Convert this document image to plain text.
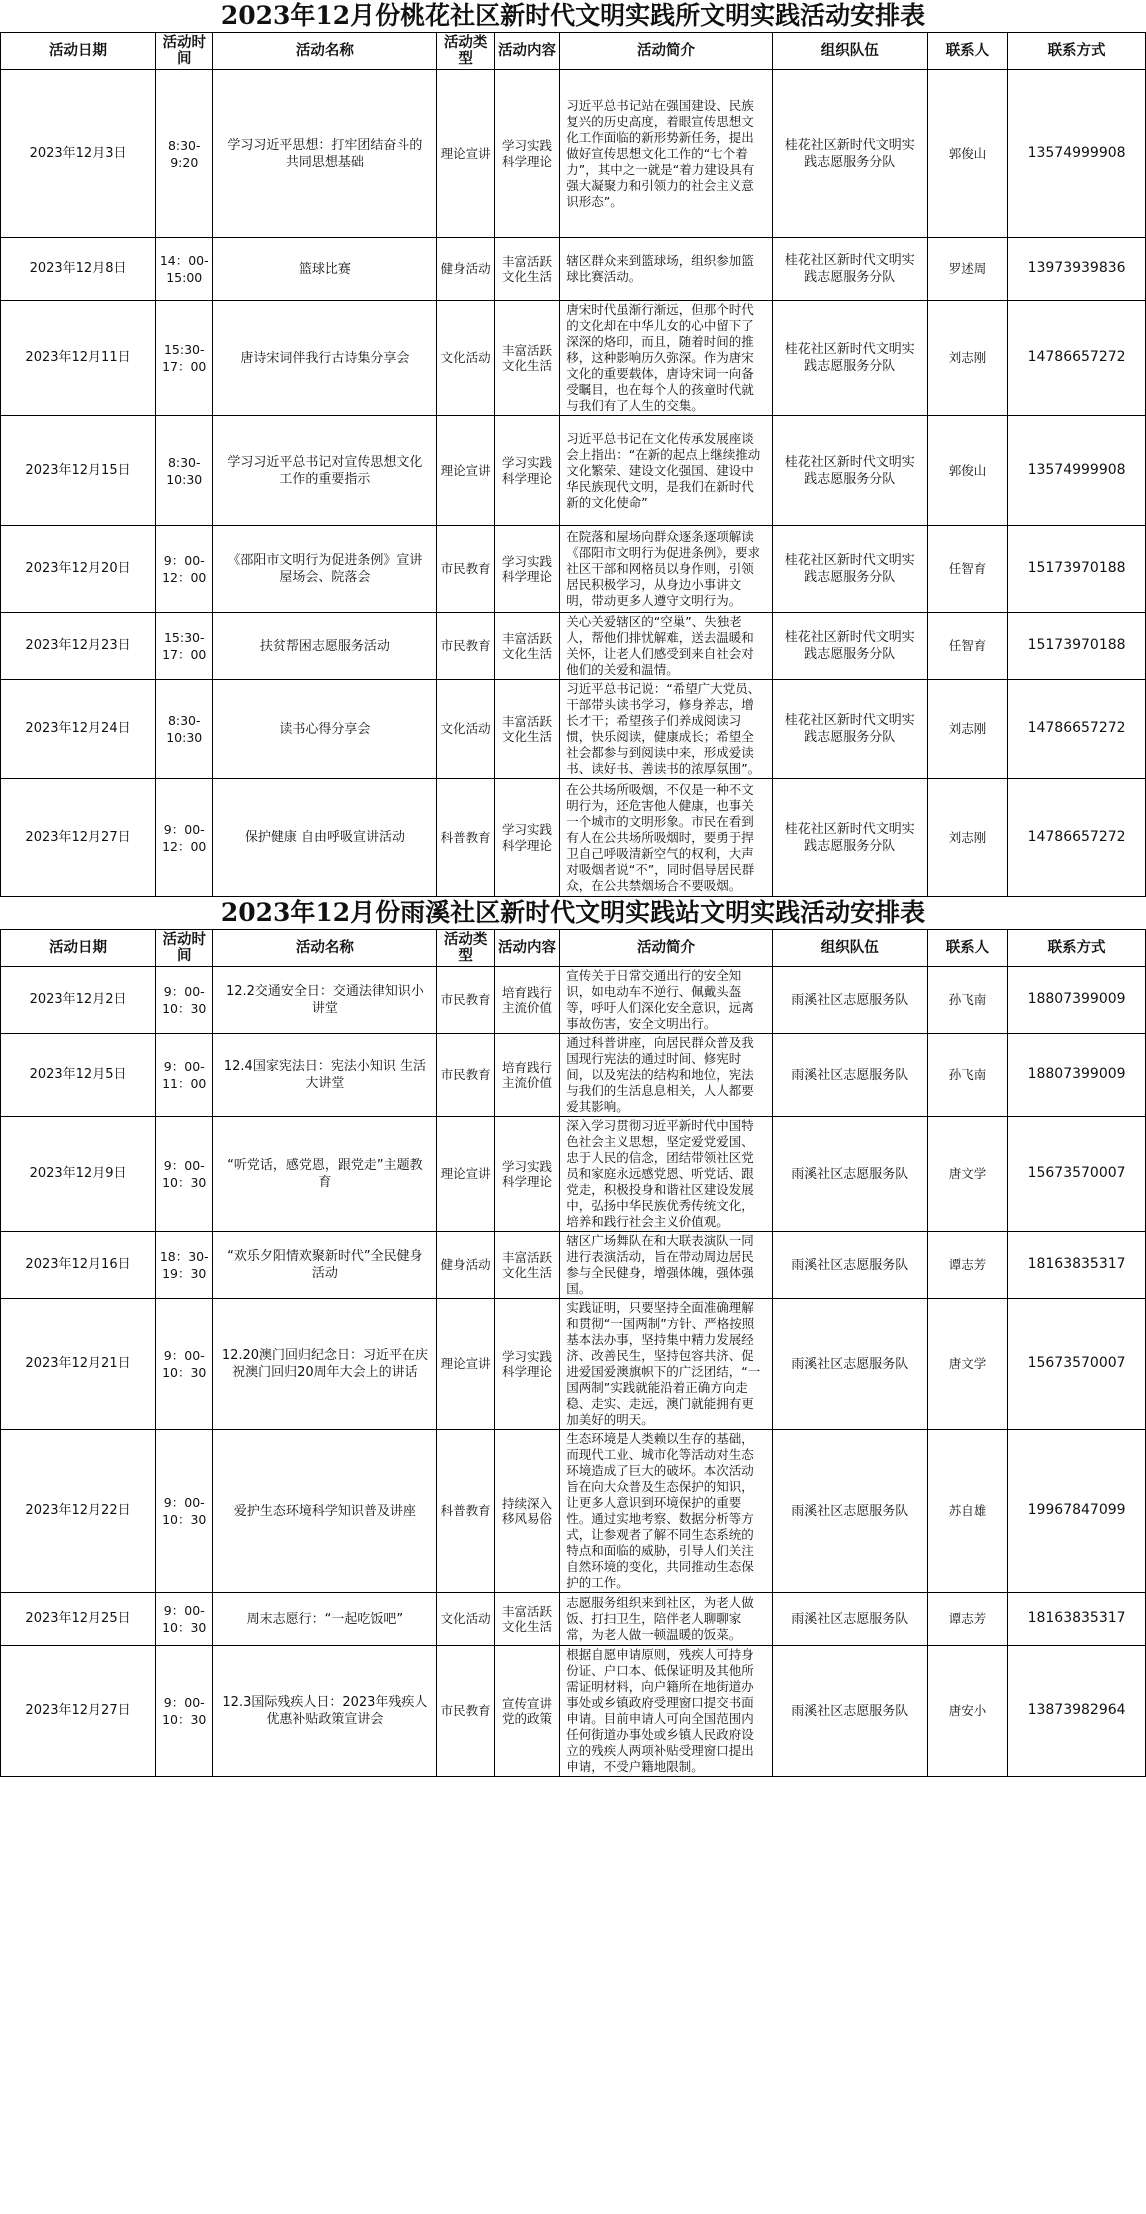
2023年12月份桃花社区新时代文明实践所文明实践活动安排表
活动日期	活动时间	活动名称	活动类型	活动内容	活动简介	组织队伍	联系人	联系方式
2023年12月3日	8:30-9:20	学习习近平思想：打牢团结奋斗的共同思想基础	理论宣讲	学习实践科学理论	习近平总书记站在强国建设、民族复兴的历史高度，着眼宣传思想文化工作面临的新形势新任务，提出做好宣传思想文化工作的“七个着力”，其中之一就是“着力建设具有强大凝聚力和引领力的社会主义意识形态”。	桂花社区新时代文明实践志愿服务分队	郭俊山	13574999908
2023年12月8日	14：00-15:00	篮球比赛	健身活动	丰富活跃文化生活	辖区群众来到篮球场，组织参加篮球比赛活动。	桂花社区新时代文明实践志愿服务分队	罗述周	13973939836
2023年12月11日	15:30-17：00	唐诗宋词伴我行古诗集分享会	文化活动	丰富活跃文化生活	唐宋时代虽渐行渐远，但那个时代的文化却在中华儿女的心中留下了深深的烙印，而且，随着时间的推移，这种影响历久弥深。作为唐宋文化的重要载体，唐诗宋词一向备受瞩目，也在每个人的孩童时代就与我们有了人生的交集。	桂花社区新时代文明实践志愿服务分队	刘志刚	14786657272
2023年12月15日	8:30-10:30	学习习近平总书记对宣传思想文化工作的重要指示	理论宣讲	学习实践科学理论	习近平总书记在文化传承发展座谈会上指出：“在新的起点上继续推动文化繁荣、建设文化强国、建设中华民族现代文明，是我们在新时代新的文化使命”	桂花社区新时代文明实践志愿服务分队	郭俊山	13574999908
2023年12月20日	9：00-12：00	《邵阳市文明行为促进条例》宣讲屋场会、院落会	市民教育	学习实践科学理论	在院落和屋场向群众逐条逐项解读《邵阳市文明行为促进条例》，要求社区干部和网格员以身作则，引领居民积极学习，从身边小事讲文明，带动更多人遵守文明行为。	桂花社区新时代文明实践志愿服务分队	任智育	15173970188
2023年12月23日	15:30-17：00	扶贫帮困志愿服务活动	市民教育	丰富活跃文化生活	关心关爱辖区的“空巢”、失独老人，帮他们排忧解难，送去温暖和关怀，让老人们感受到来自社会对他们的关爱和温情。	桂花社区新时代文明实践志愿服务分队	任智育	15173970188
2023年12月24日	8:30-10:30	读书心得分享会	文化活动	丰富活跃文化生活	习近平总书记说：“希望广大党员、干部带头读书学习，修身养志，增长才干；希望孩子们养成阅读习惯，快乐阅读，健康成长；希望全社会都参与到阅读中来，形成爱读书、读好书、善读书的浓厚氛围”。	桂花社区新时代文明实践志愿服务分队	刘志刚	14786657272
2023年12月27日	9：00-12：00	保护健康 自由呼吸宣讲活动	科普教育	学习实践科学理论	在公共场所吸烟，不仅是一种不文明行为，还危害他人健康，也事关一个城市的文明形象。市民在看到有人在公共场所吸烟时，要勇于捍卫自己呼吸清新空气的权利，大声对吸烟者说“不”，同时倡导居民群众，在公共禁烟场合不要吸烟。	桂花社区新时代文明实践志愿服务分队	刘志刚	14786657272
2023年12月份雨溪社区新时代文明实践站文明实践活动安排表
活动日期	活动时间	活动名称	活动类型	活动内容	活动简介	组织队伍	联系人	联系方式
2023年12月2日	9：00-10：30	12.2交通安全日：交通法律知识小讲堂	市民教育	培育践行主流价值	宣传关于日常交通出行的安全知识，如电动车不逆行、佩戴头盔等，呼吁人们深化安全意识，远离事故伤害，安全文明出行。	雨溪社区志愿服务队	孙飞南	18807399009
2023年12月5日	9：00-11：00	12.4国家宪法日：宪法小知识 生活大讲堂	市民教育	培育践行主流价值	通过科普讲座，向居民群众普及我国现行宪法的通过时间、修宪时间，以及宪法的结构和地位，宪法与我们的生活息息相关，人人都要爱其影响。	雨溪社区志愿服务队	孙飞南	18807399009
2023年12月9日	9：00-10：30	“听党话，感党恩，跟党走”主题教育	理论宣讲	学习实践科学理论	深入学习贯彻习近平新时代中国特色社会主义思想，坚定爱党爱国、忠于人民的信念，团结带领社区党员和家庭永远感党恩、听党话、跟党走，积极投身和谐社区建设发展中，弘扬中华民族优秀传统文化，培养和践行社会主义价值观。	雨溪社区志愿服务队	唐文学	15673570007
2023年12月16日	18：30-19：30	“欢乐夕阳情欢聚新时代”全民健身活动	健身活动	丰富活跃文化生活	辖区广场舞队在和大联表演队一同进行表演活动，旨在带动周边居民参与全民健身，增强体魄，强体强国。	雨溪社区志愿服务队	谭志芳	18163835317
2023年12月21日	9：00-10：30	12.20澳门回归纪念日：习近平在庆祝澳门回归20周年大会上的讲话	理论宣讲	学习实践科学理论	实践证明，只要坚持全面准确理解和贯彻“一国两制”方针、严格按照基本法办事，坚持集中精力发展经济、改善民生，坚持包容共济、促进爱国爱澳旗帜下的广泛团结，“一国两制”实践就能沿着正确方向走稳、走实、走远，澳门就能拥有更加美好的明天。	雨溪社区志愿服务队	唐文学	15673570007
2023年12月22日	9：00-10：30	爱护生态环境科学知识普及讲座	科普教育	持续深入移风易俗	生态环境是人类赖以生存的基础，而现代工业、城市化等活动对生态环境造成了巨大的破坏。本次活动旨在向大众普及生态保护的知识，让更多人意识到环境保护的重要性。通过实地考察、数据分析等方式，让参观者了解不同生态系统的特点和面临的威胁，引导人们关注自然环境的变化，共同推动生态保护的工作。	雨溪社区志愿服务队	苏自雄	19967847099
2023年12月25日	9：00-10：30	周末志愿行：“一起吃饭吧”	文化活动	丰富活跃文化生活	志愿服务组织来到社区，为老人做饭、打扫卫生，陪伴老人聊聊家常，为老人做一顿温暖的饭菜。	雨溪社区志愿服务队	谭志芳	18163835317
2023年12月27日	9：00-10：30	12.3国际残疾人日：2023年残疾人优惠补贴政策宣讲会	市民教育	宣传宣讲党的政策	根据自愿申请原则，残疾人可持身份证、户口本、低保证明及其他所需证明材料，向户籍所在地街道办事处或乡镇政府受理窗口提交书面申请。目前申请人可向全国范围内任何街道办事处或乡镇人民政府设立的残疾人两项补贴受理窗口提出申请，不受户籍地限制。	雨溪社区志愿服务队	唐安小	13873982964
